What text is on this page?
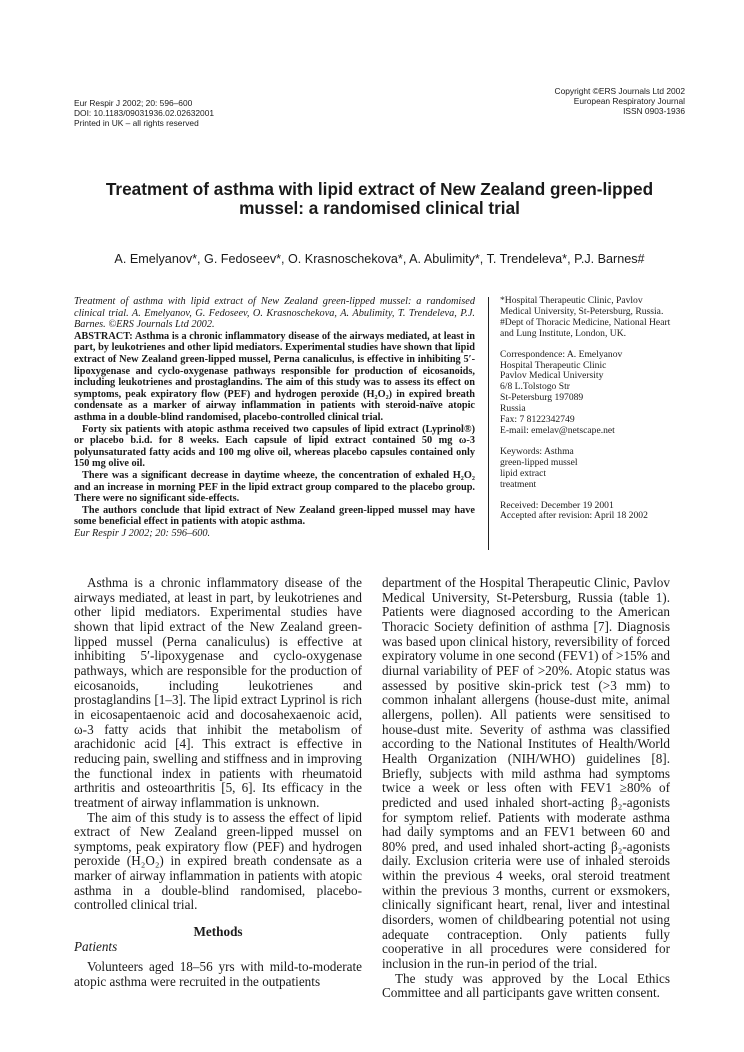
Eur Respir J 2002; 20: 596–600
DOI: 10.1183/09031936.02.02632001
Printed in UK – all rights reserved
Copyright ©ERS Journals Ltd 2002
European Respiratory Journal
ISSN 0903-1936
Treatment of asthma with lipid extract of New Zealand green-lipped mussel: a randomised clinical trial
A. Emelyanov*, G. Fedoseev*, O. Krasnoschekova*, A. Abulimity*, T. Trendeleva*, P.J. Barnes#

Treatment of asthma with lipid extract of New Zealand green-lipped mussel: a randomised clinical trial. A. Emelyanov, G. Fedoseev, O. Krasnoschekova, A. Abulimity, T. Trendeleva, P.J. Barnes. ©ERS Journals Ltd 2002.

ABSTRACT: Asthma is a chronic inflammatory disease of the airways mediated, at least in part, by leukotrienes and other lipid mediators. Experimental studies have shown that lipid extract of New Zealand green-lipped mussel, Perna canaliculus, is effective in inhibiting 5′-lipoxygenase and cyclo-oxygenase pathways responsible for production of eicosanoids, including leukotrienes and prostaglandins. The aim of this study was to assess its effect on symptoms, peak expiratory flow (PEF) and hydrogen peroxide (H₂O₂) in expired breath condensate as a marker of airway inflammation in patients with steroid-naïve atopic asthma in a double-blind randomised, placebo-controlled clinical trial.

Forty six patients with atopic asthma received two capsules of lipid extract (Lyprinol®) or placebo b.i.d. for 8 weeks. Each capsule of lipid extract contained 50 mg ω-3 polyunsaturated fatty acids and 100 mg olive oil, whereas placebo capsules contained only 150 mg olive oil.

There was a significant decrease in daytime wheeze, the concentration of exhaled H₂O₂ and an increase in morning PEF in the lipid extract group compared to the placebo group. There were no significant side-effects.

The authors conclude that lipid extract of New Zealand green-lipped mussel may have some beneficial effect in patients with atopic asthma.

Eur Respir J 2002; 20: 596–600.

*Hospital Therapeutic Clinic, Pavlov Medical University, St-Petersburg, Russia. #Dept of Thoracic Medicine, National Heart and Lung Institute, London, UK.

Correspondence: A. Emelyanov

Hospital Therapeutic Clinic

Pavlov Medical University

6/8 L.Tolstogo Str

St-Petersburg 197089

Russia

Fax: 7 8122342749

E-mail: emelav@netscape.net

Keywords: Asthma

green-lipped mussel

lipid extract

treatment

Received: December 19 2001

Accepted after revision: April 18 2002

Asthma is a chronic inflammatory disease of the airways mediated, at least in part, by leukotrienes and other lipid mediators. Experimental studies have shown that lipid extract of the New Zealand green-lipped mussel (Perna canaliculus) is effective at inhibiting 5′-lipoxygenase and cyclo-oxygenase pathways, which are responsible for the production of eicosanoids, including leukotrienes and prostaglandins [1–3]. The lipid extract Lyprinol is rich in eicosapentaenoic acid and docosahexaenoic acid, ω-3 fatty acids that inhibit the metabolism of arachidonic acid [4]. This extract is effective in reducing pain, swelling and stiffness and in improving the functional index in patients with rheumatoid arthritis and osteoarthritis [5, 6]. Its efficacy in the treatment of airway inflammation is unknown.

The aim of this study is to assess the effect of lipid extract of New Zealand green-lipped mussel on symptoms, peak expiratory flow (PEF) and hydrogen peroxide (H₂O₂) in expired breath condensate as a marker of airway inflammation in patients with atopic asthma in a double-blind randomised, placebo-controlled clinical trial.

Methods

Patients

Volunteers aged 18–56 yrs with mild-to-moderate atopic asthma were recruited in the outpatients

department of the Hospital Therapeutic Clinic, Pavlov Medical University, St-Petersburg, Russia (table 1). Patients were diagnosed according to the American Thoracic Society definition of asthma [7]. Diagnosis was based upon clinical history, reversibility of forced expiratory volume in one second (FEV1) of >15% and diurnal variability of PEF of >20%. Atopic status was assessed by positive skin-prick test (>3 mm) to common inhalant allergens (house-dust mite, animal allergens, pollen). All patients were sensitised to house-dust mite. Severity of asthma was classified according to the National Institutes of Health/World Health Organization (NIH/WHO) guidelines [8]. Briefly, subjects with mild asthma had symptoms twice a week or less often with FEV1 ≥80% of predicted and used inhaled short-acting β₂-agonists for symptom relief. Patients with moderate asthma had daily symptoms and an FEV1 between 60 and 80% pred, and used inhaled short-acting β₂-agonists daily. Exclusion criteria were use of inhaled steroids within the previous 4 weeks, oral steroid treatment within the previous 3 months, current or exsmokers, clinically significant heart, renal, liver and intestinal disorders, women of childbearing potential not using adequate contraception. Only patients fully cooperative in all procedures were considered for inclusion in the run-in period of the trial.

The study was approved by the Local Ethics Committee and all participants gave written consent.
